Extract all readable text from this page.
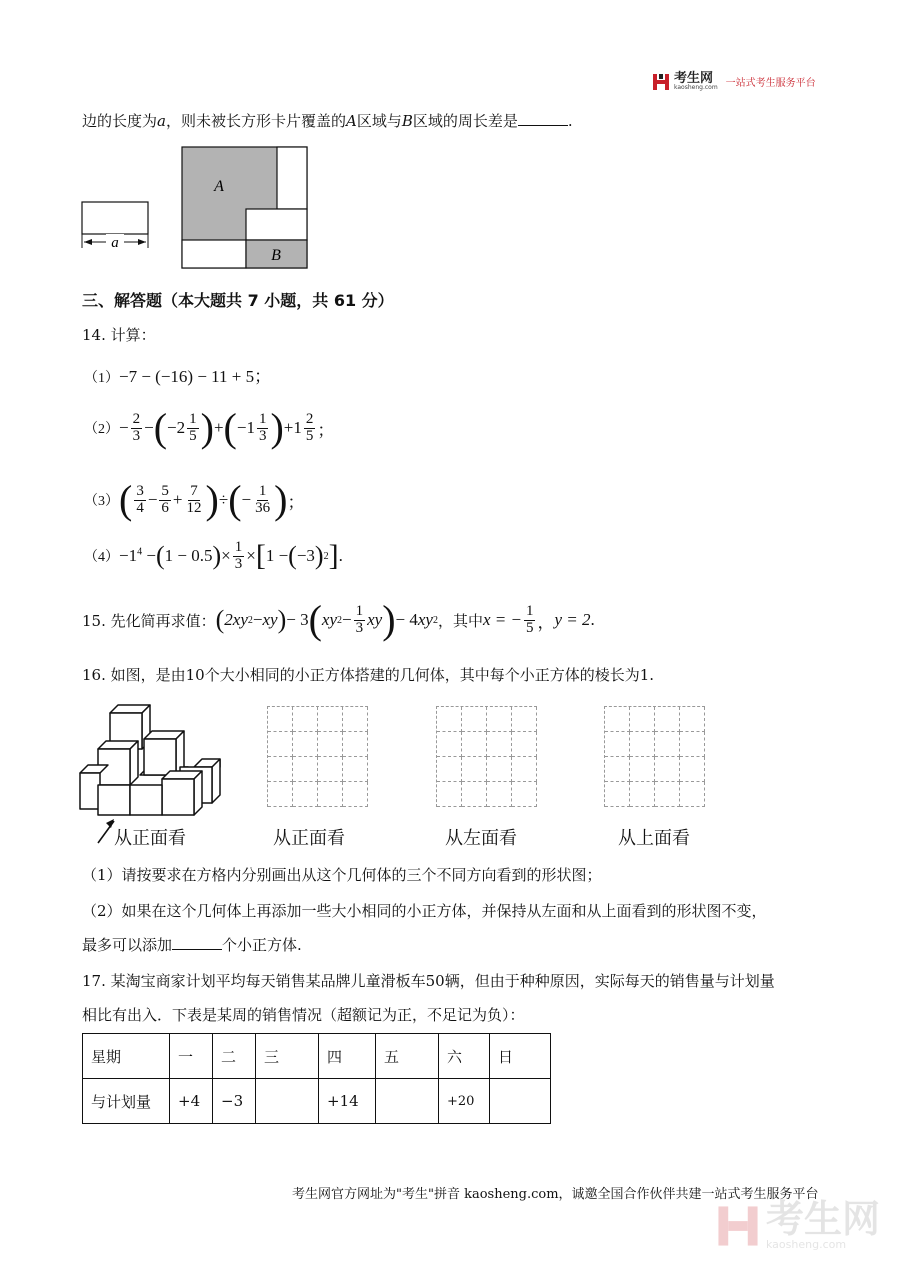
考生网
kaosheng.com 一站式考生服务平台
边的长度为a，则未被长方形卡片覆盖的A区域与B区域的周长差是	.
a
A
B
三、解答题（本大题共 7 小题，共 61 分）
14. 计算：
（1）−7 − (−16) − 11 + 5；
$(2) - \frac{2}{3}$ − ( $-2 \frac{1}{5}$ ) + ( $-1 \frac{1}{3}$ ) $+1 \frac{2}{5}$ ；
（3） ( $\frac{3}{4} - \frac{5}{6} + \frac{7}{12}$ ) ÷ ( − $\frac{1}{36}$ ) ；
$(4) -1^4$ − ( 1 − 0.5 ) × $\frac{1}{3}$ × [ 1 − ( −3 ) 2 ] .
15. 先化简再求值： ( 2xy 2 − xy ) − 3 ( xy $2 - \frac{1}{3}$ xy ) − 4 xy 2 ，其中 x = − $\frac{1}{5}$ ， y = 2 .
16. 如图，是由10个大小相同的小正方体搭建的几何体，其中每个小正方体的棱长为1.
从正面看	从正面看	从左面看	从上面看
（1）请按要求在方格内分别画出从这个几何体的三个不同方向看到的形状图；
（2）如果在这个几何体上再添加一些大小相同的小正方体，并保持从左面和从上面看到的形状图不变，
最多可以添加	个小正方体.
17. 某淘宝商家计划平均每天销售某品牌儿童滑板车50辆，但由于种种原因，实际每天的销售量与计划量
相比有出入．下表是某周的销售情况（超额记为正，不足记为负）：
星期	一	二	三	四	五	六	日
与计划量	+4	−3		+14		+20	
考生网官方网址为"考生"拼音 kaosheng.com，诚邀全国合作伙伴共建一站式考生服务平台
考生网
kaosheng.com
